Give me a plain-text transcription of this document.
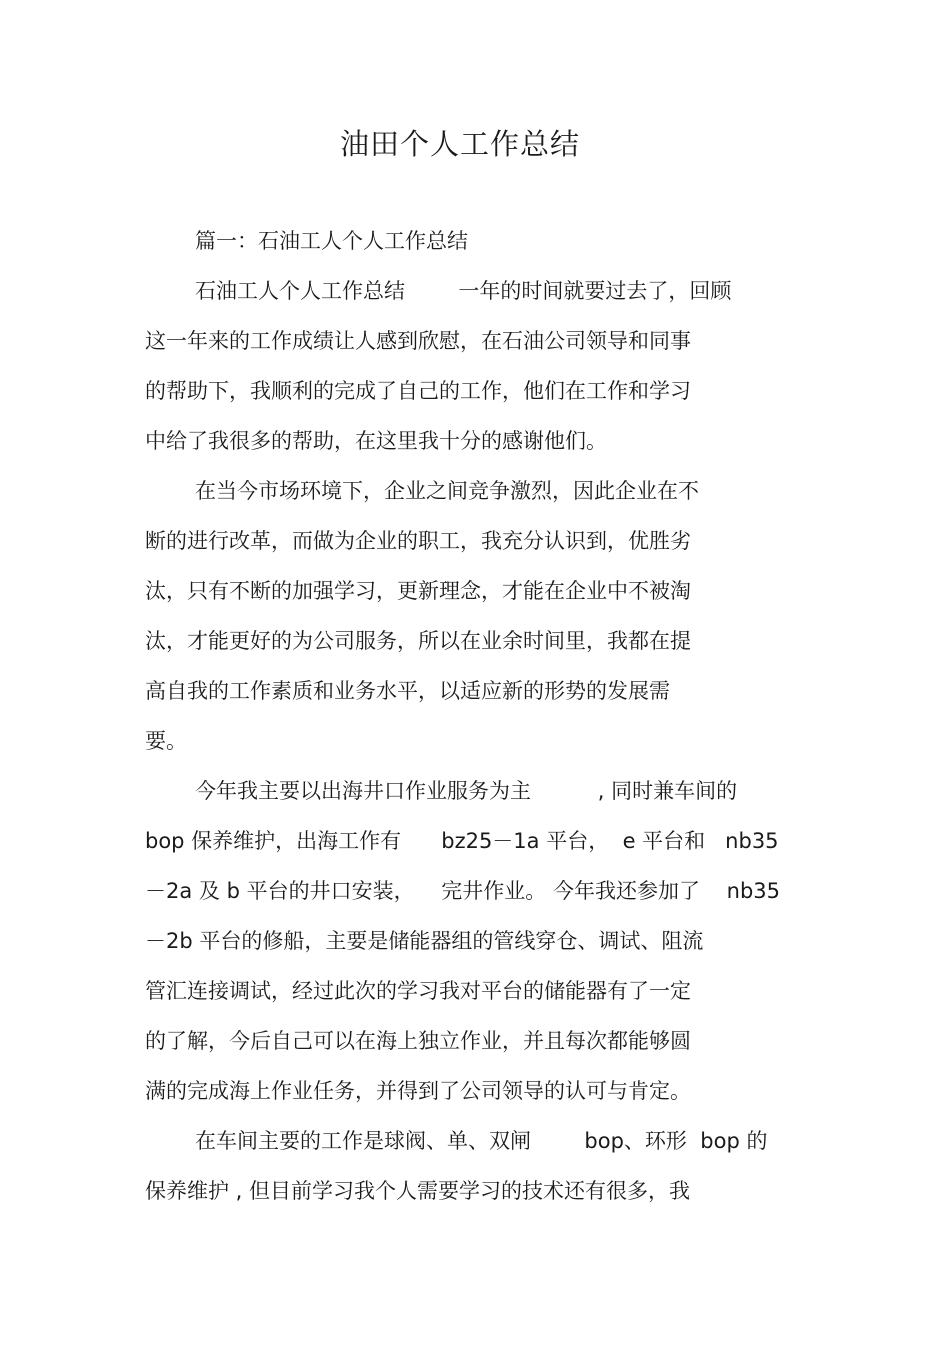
油田个人工作总结

篇一：石油工人个人工作总结

石油工人个人工作总结        一年的时间就要过去了，回顾

这一年来的工作成绩让人感到欣慰，在石油公司领导和同事

的帮助下，我顺利的完成了自己的工作，他们在工作和学习

中给了我很多的帮助，在这里我十分的感谢他们。

在当今市场环境下，企业之间竞争激烈，因此企业在不

断的进行改革，而做为企业的职工，我充分认识到，优胜劣

汰，只有不断的加强学习，更新理念，才能在企业中不被淘

汰，才能更好的为公司服务，所以在业余时间里，我都在提

高自我的工作素质和业务水平，以适应新的形势的发展需

要。

今年我主要以出海井口作业服务为主          , 同时兼车间的

bop 保养维护，出海工作有      bz25－1a 平台，  e 平台和   nb35

－2a 及 b 平台的井口安装，    完井作业。 今年我还参加了    nb35

－2b 平台的修船，主要是储能器组的管线穿仓、调试、阻流

管汇连接调试，经过此次的学习我对平台的储能器有了一定

的了解，今后自己可以在海上独立作业，并且每次都能够圆

满的完成海上作业任务，并得到了公司领导的认可与肯定。

在车间主要的工作是球阀、单、双闸        bop、环形  bop 的

保养维护 , 但目前学习我个人需要学习的技术还有很多，我
